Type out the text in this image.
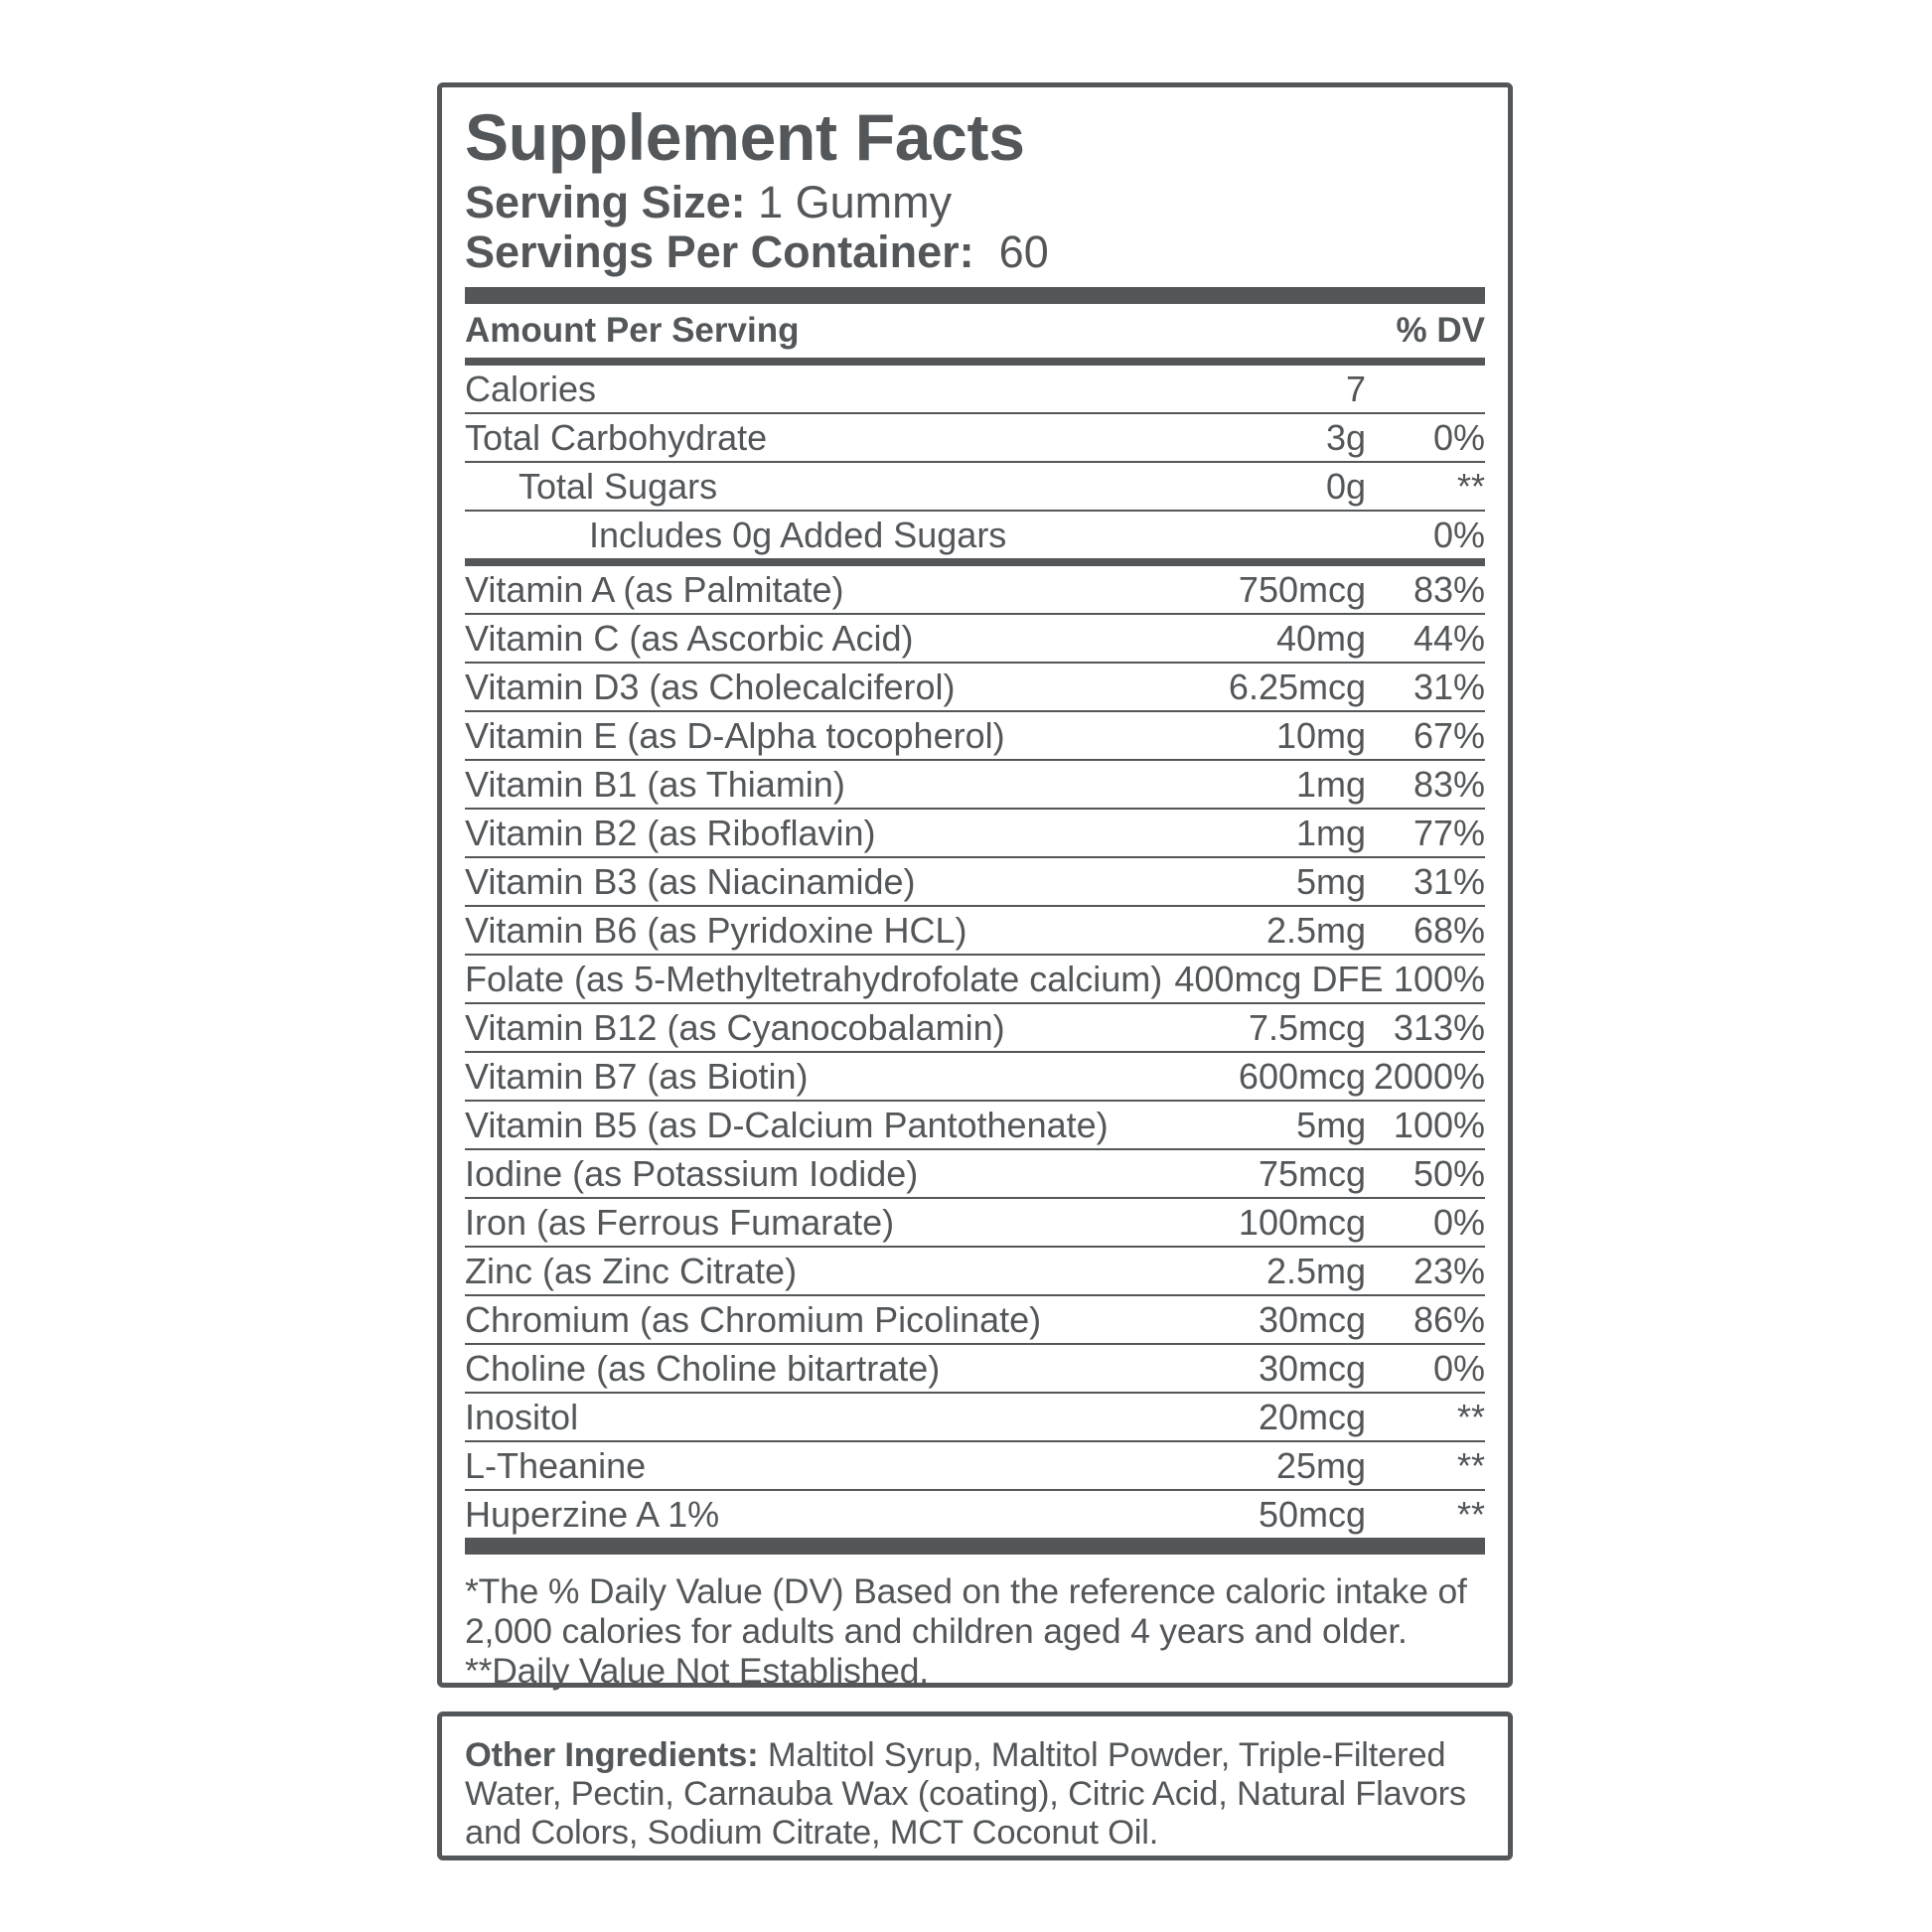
Supplement Facts
Serving Size: 1 Gummy
Servings Per Container:  60
Amount Per Serving	% DV
Calories	7
Total Carbohydrate	3g	0%
Total Sugars	0g	**
Includes 0g Added Sugars	0%
Vitamin A (as Palmitate)	750mcg	83%
Vitamin C (as Ascorbic Acid)	40mg	44%
Vitamin D3 (as Cholecalciferol)	6.25mcg	31%
Vitamin E (as D-Alpha tocopherol)	10mg	67%
Vitamin B1 (as Thiamin)	1mg	83%
Vitamin B2 (as Riboflavin)	1mg	77%
Vitamin B3 (as Niacinamide)	5mg	31%
Vitamin B6 (as Pyridoxine HCL)	2.5mg	68%
Folate (as 5-Methyltetrahydrofolate calcium) 400mcg DFE 100%
Vitamin B12 (as Cyanocobalamin)	7.5mcg 313%
Vitamin B7 (as Biotin)	600mcg 2000%
Vitamin B5 (as D-Calcium Pantothenate)	5mg 100%
Iodine (as Potassium Iodide)	75mcg	50%
Iron (as Ferrous Fumarate)	100mcg	0%
Zinc (as Zinc Citrate)	2.5mg	23%
Chromium (as Chromium Picolinate)	30mcg	86%
Choline (as Choline bitartrate)	30mcg	0%
Inositol	20mcg	**
L-Theanine	25mg	**
Huperzine A 1%	50mcg	**
*The % Daily Value (DV) Based on the reference caloric intake of 2,000 calories for adults and children aged 4 years and older.
**Daily Value Not Established.
Other Ingredients: Maltitol Syrup, Maltitol Powder, Triple-Filtered Water, Pectin, Carnauba Wax (coating), Citric Acid, Natural Flavors and Colors, Sodium Citrate, MCT Coconut Oil.
